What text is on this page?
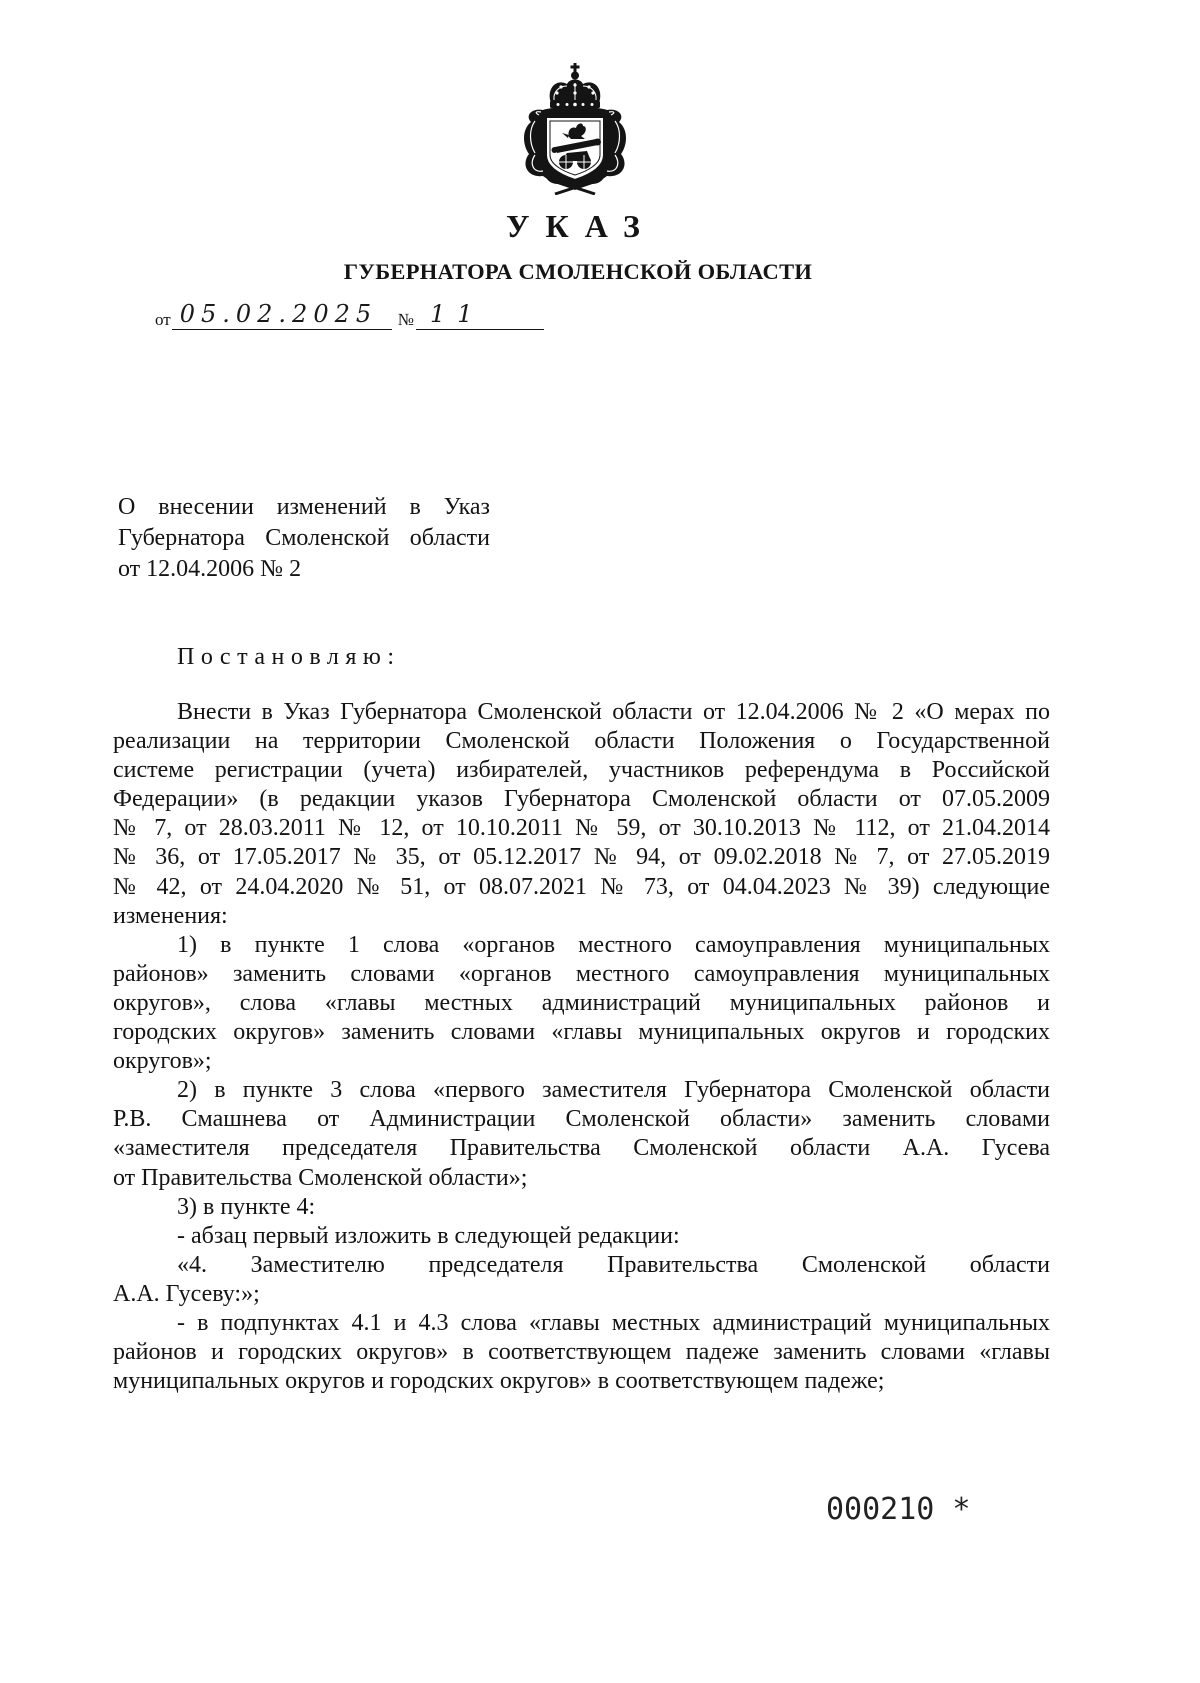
УКАЗ
ГУБЕРНАТОРА СМОЛЕНСКОЙ ОБЛАСТИ
от 05.02.2025 № 11
О внесении изменений в Указ
Губернатора Смоленской области
от 12.04.2006 № 2
Постановляю:
Внести в Указ Губернатора Смоленской области от 12.04.2006 № 2 «О мерах по
реализации на территории Смоленской области Положения о Государственной
системе регистрации (учета) избирателей, участников референдума в Российской
Федерации» (в редакции указов Губернатора Смоленской области от 07.05.2009
№ 7, от 28.03.2011 № 12, от 10.10.2011 № 59, от 30.10.2013 № 112, от 21.04.2014
№ 36, от 17.05.2017 № 35, от 05.12.2017 № 94, от 09.02.2018 № 7, от 27.05.2019
№ 42, от 24.04.2020 № 51, от 08.07.2021 № 73, от 04.04.2023 № 39) следующие
изменения:
1) в пункте 1 слова «органов местного самоуправления муниципальных
районов» заменить словами «органов местного самоуправления муниципальных
округов», слова «главы местных администраций муниципальных районов и
городских округов» заменить словами «главы муниципальных округов и городских
округов»;
2) в пункте 3 слова «первого заместителя Губернатора Смоленской области
Р.В. Смашнева от Администрации Смоленской области» заменить словами
«заместителя председателя Правительства Смоленской области А.А. Гусева
от Правительства Смоленской области»;
3) в пункте 4:
- абзац первый изложить в следующей редакции:
«4. Заместителю председателя Правительства Смоленской области
А.А. Гусеву:»;
- в подпунктах 4.1 и 4.3 слова «главы местных администраций муниципальных
районов и городских округов» в соответствующем падеже заменить словами «главы
муниципальных округов и городских округов» в соответствующем падеже;
000210 *
